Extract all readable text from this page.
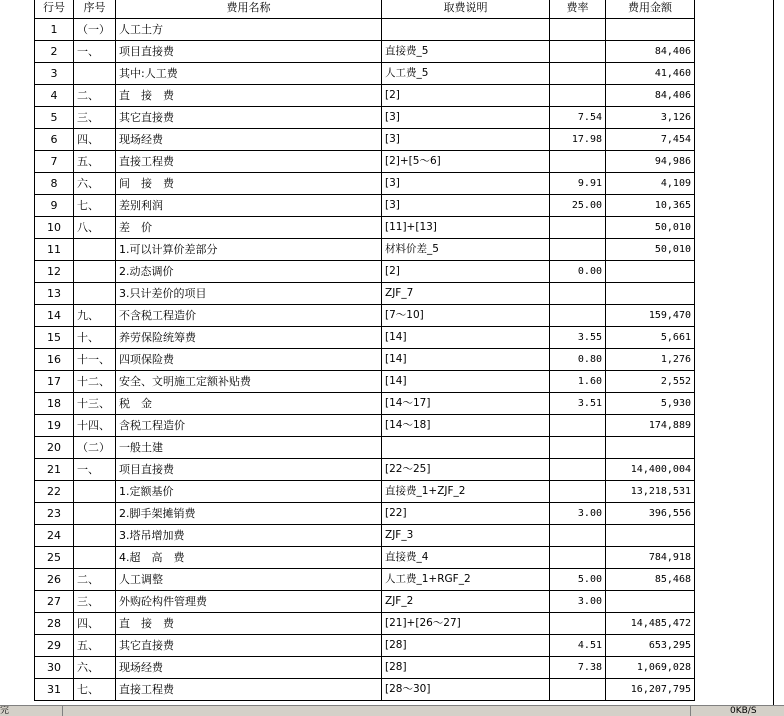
行号	序号	费用名称	取费说明	费率	费用金额
1	（一）	人工土方			
2	一、	项目直接费	直接费_5		84,406
3		其中:人工费	人工费_5		41,460
4	二、	直　接　费	[2]		84,406
5	三、	其它直接费	[3]	7.54	3,126
6	四、	现场经费	[3]	17.98	7,454
7	五、	直接工程费	[2]+[5～6]		94,986
8	六、	间　接　费	[3]	9.91	4,109
9	七、	差别利润	[3]	25.00	10,365
10	八、	差　价	[11]+[13]		50,010
11		1.可以计算价差部分	材料价差_5		50,010
12		2.动态调价	[2]	0.00	
13		3.只计差价的项目	ZJF_7		
14	九、	不含税工程造价	[7～10]		159,470
15	十、	养劳保险统筹费	[14]	3.55	5,661
16	十一、	四项保险费	[14]	0.80	1,276
17	十二、	安全、文明施工定额补贴费	[14]	1.60	2,552
18	十三、	税　金	[14～17]	3.51	5,930
19	十四、	含税工程造价	[14～18]		174,889
20	（二）	一般土建			
21	一、	项目直接费	[22～25]		14,400,004
22		1.定额基价	直接费_1+ZJF_2		13,218,531
23		2.脚手架摊销费	[22]	3.00	396,556
24		3.塔吊增加费	ZJF_3		
25		4.超　高　费	直接费_4		784,918
26	二、	人工调整	人工费_1+RGF_2	5.00	85,468
27	三、	外购砼构件管理费	ZJF_2	3.00	
28	四、	直　接　费	[21]+[26～27]		14,485,472
29	五、	其它直接费	[28]	4.51	653,295
30	六、	现场经费	[28]	7.38	1,069,028
31	七、	直接工程费	[28～30]		16,207,795
完	0KB/S
